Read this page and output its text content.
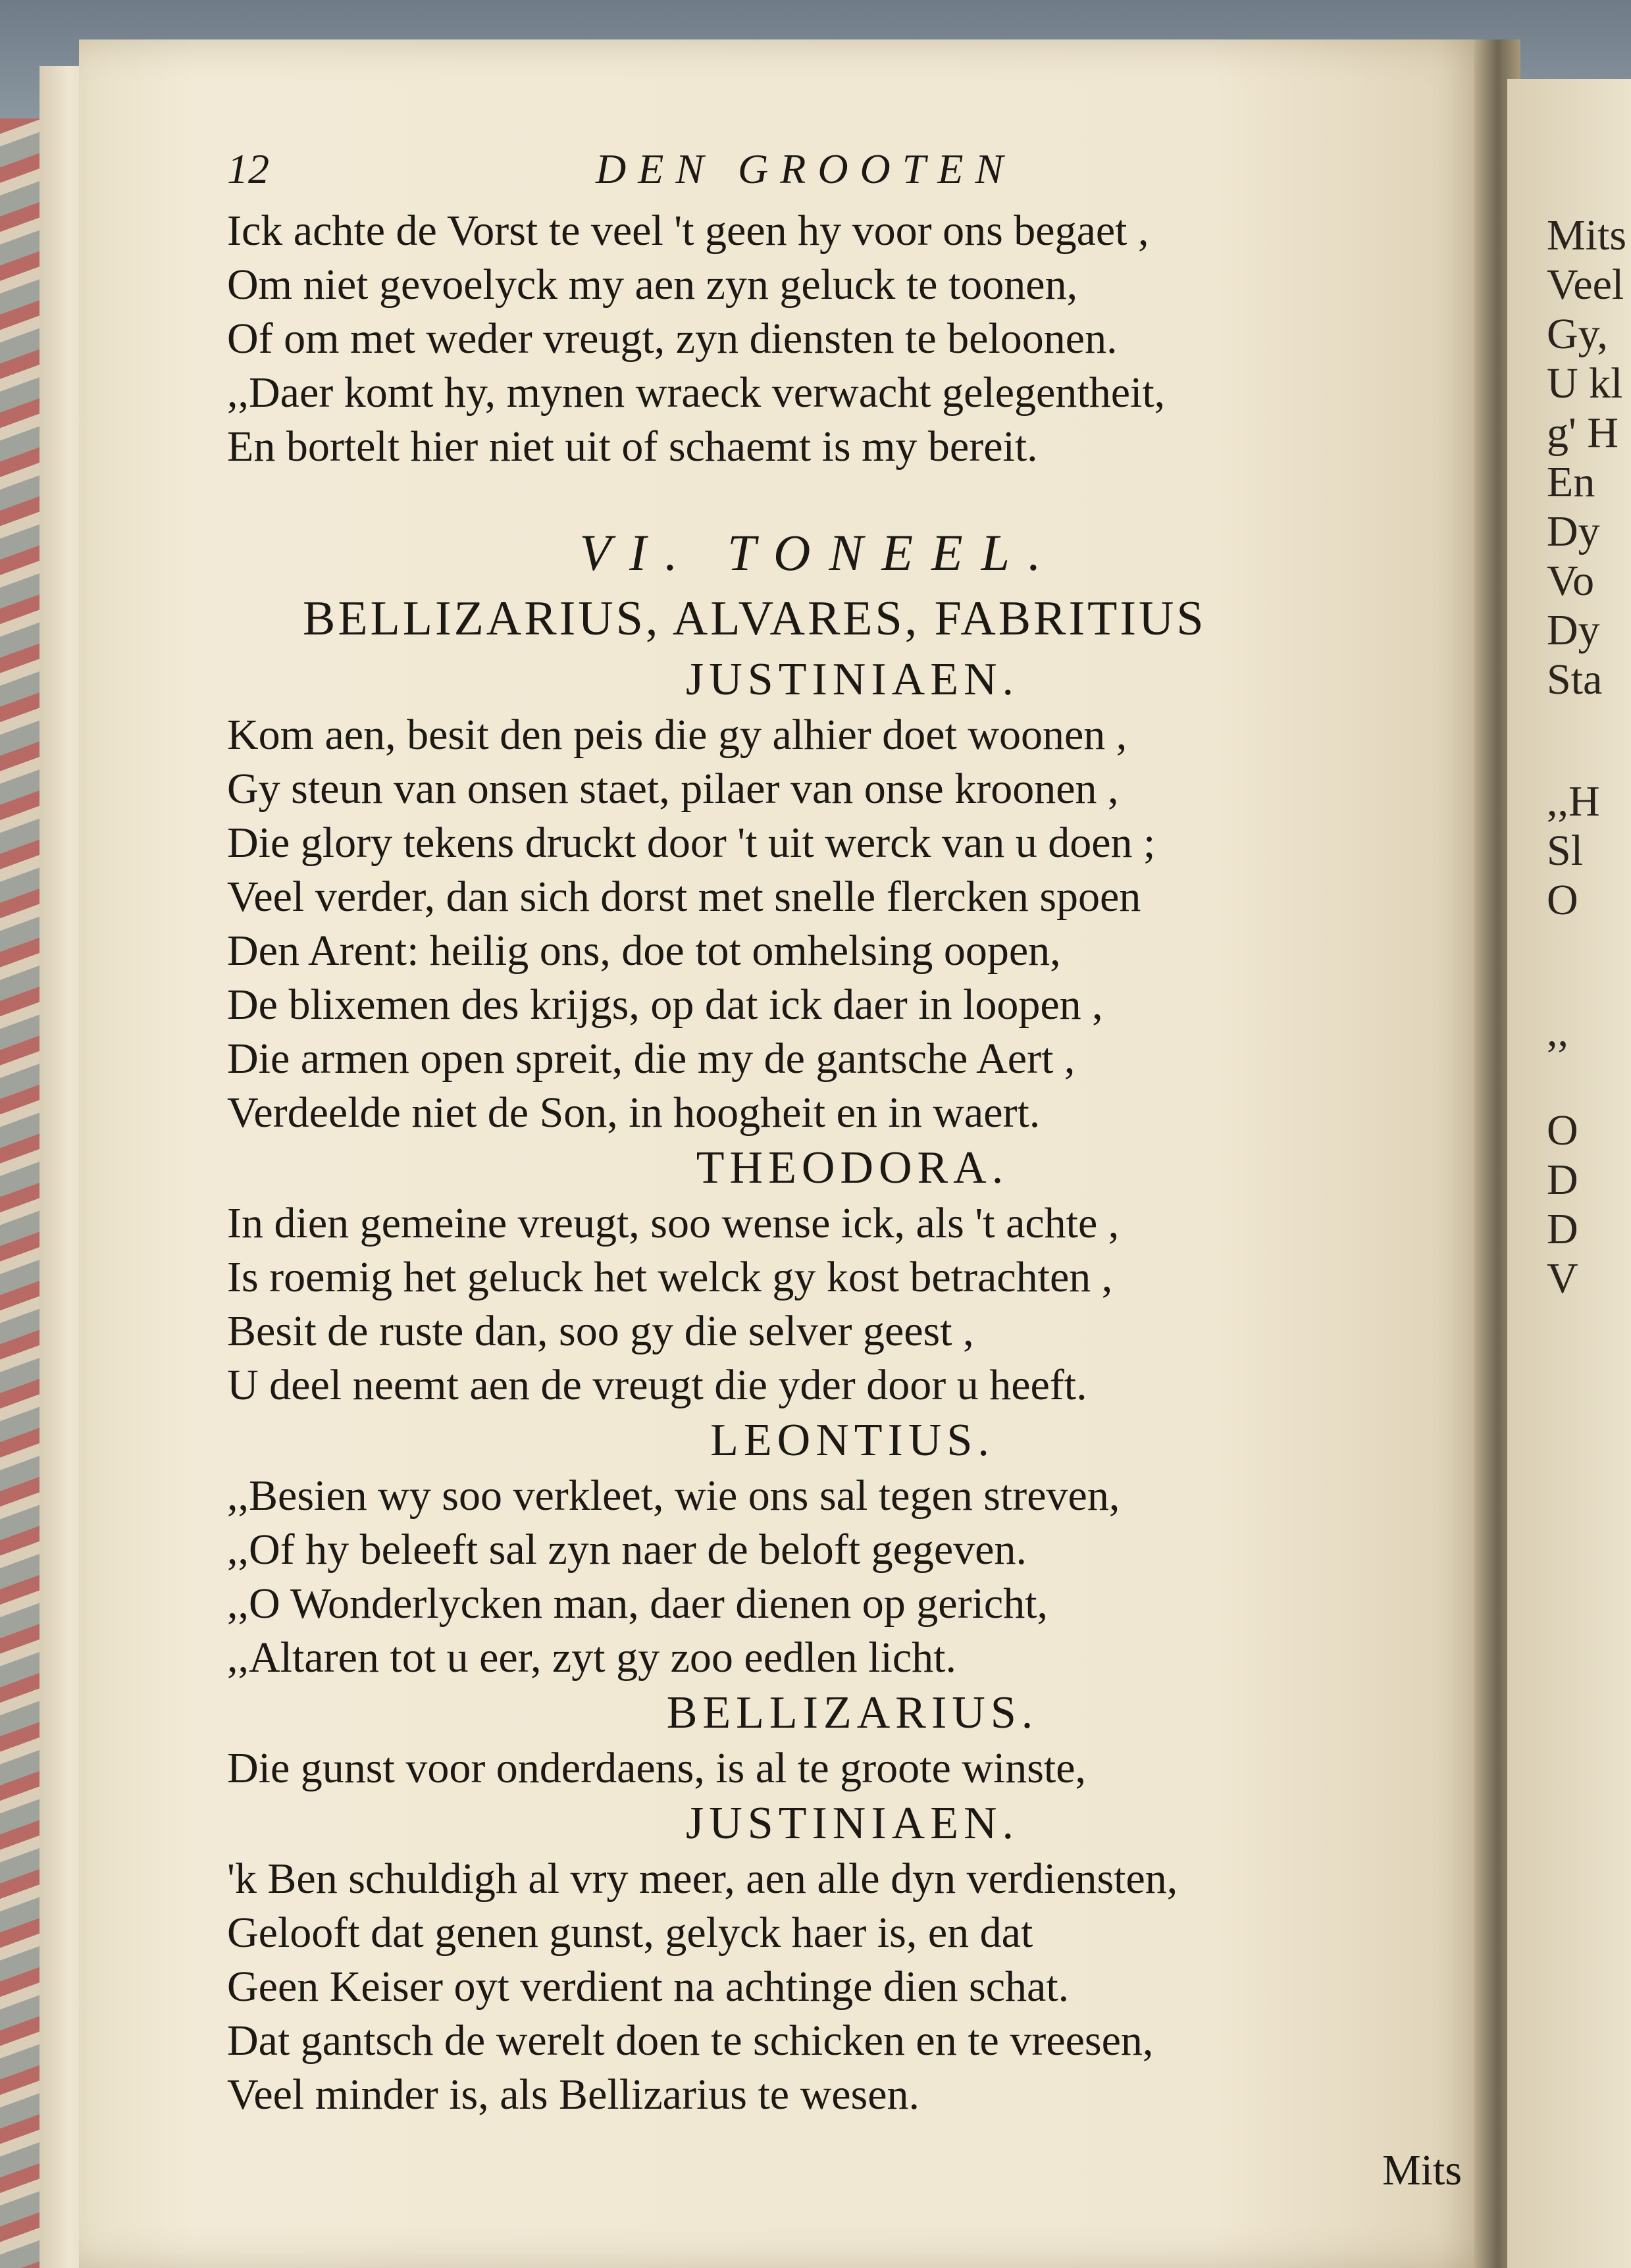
Mits
Veel
Gy,
U kl
g' H
En
Dy
Vo
Dy
Sta
,,H
Sl
O
,,
O
D
D
V
12	DEN GROOTEN
Ick achte de Vorst te veel 't geen hy voor ons begaet ,
Om niet gevoelyck my aen zyn geluck te toonen,
Of om met weder vreugt, zyn diensten te beloonen.
,,Daer komt hy, mynen wraeck verwacht gelegentheit,
En bortelt hier niet uit of schaemt is my bereit.
VI. TONEEL.
BELLIZARIUS, ALVARES, FABRITIUS
JUSTINIAEN.
Kom aen, besit den peis die gy alhier doet woonen ,
Gy steun van onsen staet, pilaer van onse kroonen ,
Die glory tekens druckt door 't uit werck van u doen ;
Veel verder, dan sich dorst met snelle flercken spoen
Den Arent: heilig ons, doe tot omhelsing oopen,
De blixemen des krijgs, op dat ick daer in loopen ,
Die armen open spreit, die my de gantsche Aert ,
Verdeelde niet de Son, in hoogheit en in waert.
THEODORA.
In dien gemeine vreugt, soo wense ick, als 't achte ,
Is roemig het geluck het welck gy kost betrachten ,
Besit de ruste dan, soo gy die selver geest ,
U deel neemt aen de vreugt die yder door u heeft.
LEONTIUS.
,,Besien wy soo verkleet, wie ons sal tegen streven,
,,Of hy beleeft sal zyn naer de beloft gegeven.
,,O Wonderlycken man, daer dienen op gericht,
,,Altaren tot u eer, zyt gy zoo eedlen licht.
BELLIZARIUS.
Die gunst voor onderdaens, is al te groote winste,
JUSTINIAEN.
'k Ben schuldigh al vry meer, aen alle dyn verdiensten,
Gelooft dat genen gunst, gelyck haer is, en dat
Geen Keiser oyt verdient na achtinge dien schat.
Dat gantsch de werelt doen te schicken en te vreesen,
Veel minder is, als Bellizarius te wesen.
Mits
